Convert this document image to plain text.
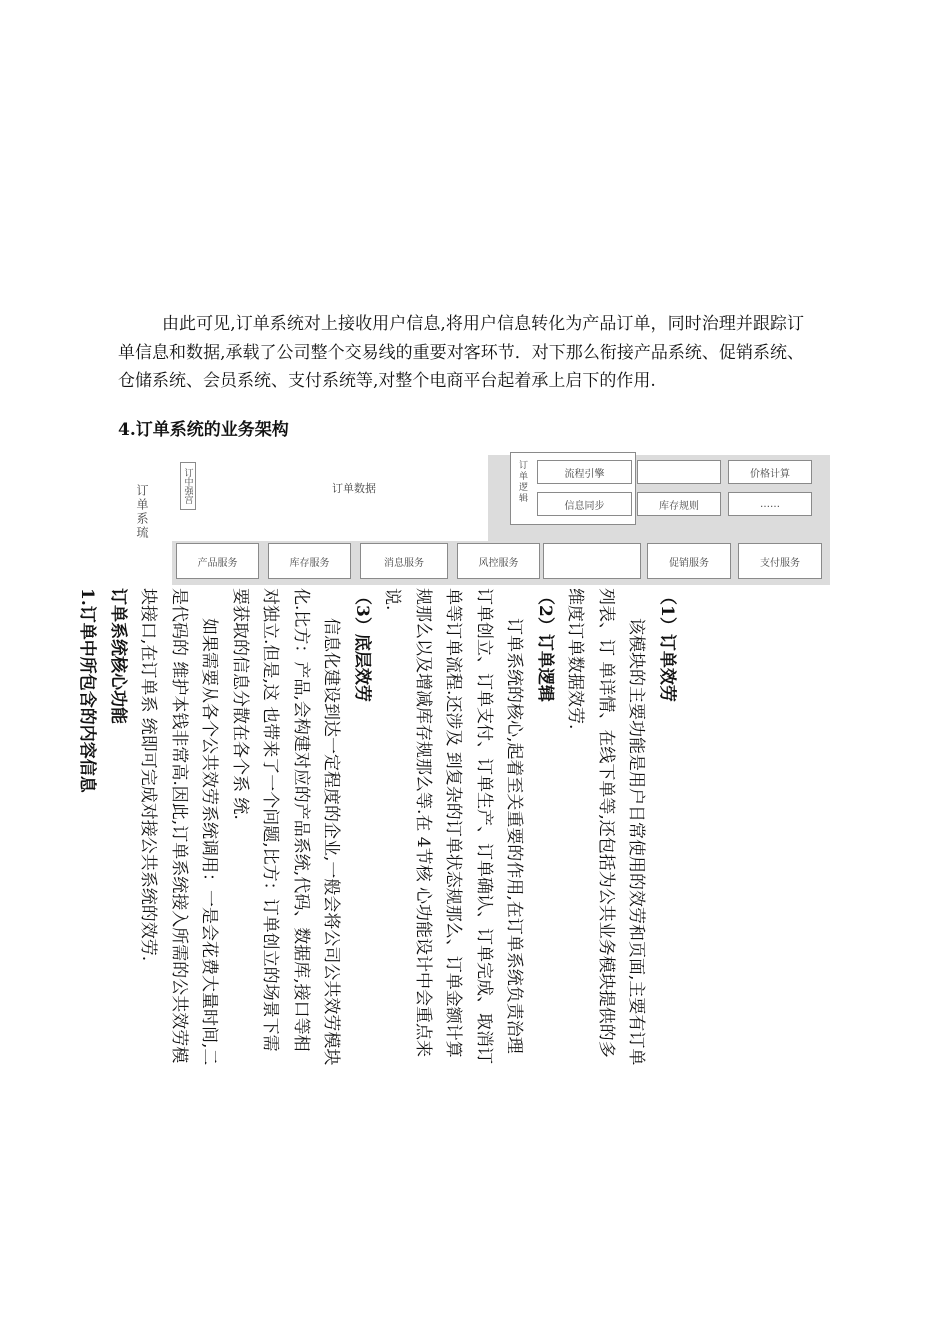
由此可见,订单系统对上接收用户信息,将用户信息转化为产品订单，同时治理并跟踪订单信息和数据,承载了公司整个交易线的重要对客环节．对下那么衔接产品系统、促销系统、仓储系统、会员系统、支付系统等,对整个电商平台起着承上启下的作用.

4.订单系统的业务架构

订单系琉	订中强宫	订单数据	订单逻辑	流程引擎
信息同步	库存规则
价格计算
……
产品服务	库存服务	消息服务	风控服务	促销服务	支付服务

（1）订单效劳

该模块的主要功能是用户日常使用的效劳和页面,主要有订单列表、订 单详情、在线下单等,还包括为公共业务模块提供的多维度订单数据效劳.

（2）订单逻辑

订单系统的核心,起着至关重要的作用,在订单系统负责治理订单创立、订单支付、订单生产、订单确认、订单完成、取消订单等订单流程.还涉及 到复杂的订单状态规那么、订单金额计算规那么以及增减库存规那么等.在 4节核 心功能设计中会重点来说.

（3）底层效劳

信息化建设到达一定程度的企业,一般会将公司公共效劳模块化.比方：产品,会构建对应的产品系统,代码、数据库,接口等相对独立.但是,这 也带来了一个问题,比方：订单创立的场景下需要获取的信息分散在各个系 统.

如果需要从各个公共效劳系统调用：一是会花费大量时间,二是代码的 维护本钱非常高.因此,订单系统接入所需的公共效劳模块接口,在订单系 统即可完成对接公共系统的效劳.

订单系统核心功能

1.订单中所包含的内容信息
